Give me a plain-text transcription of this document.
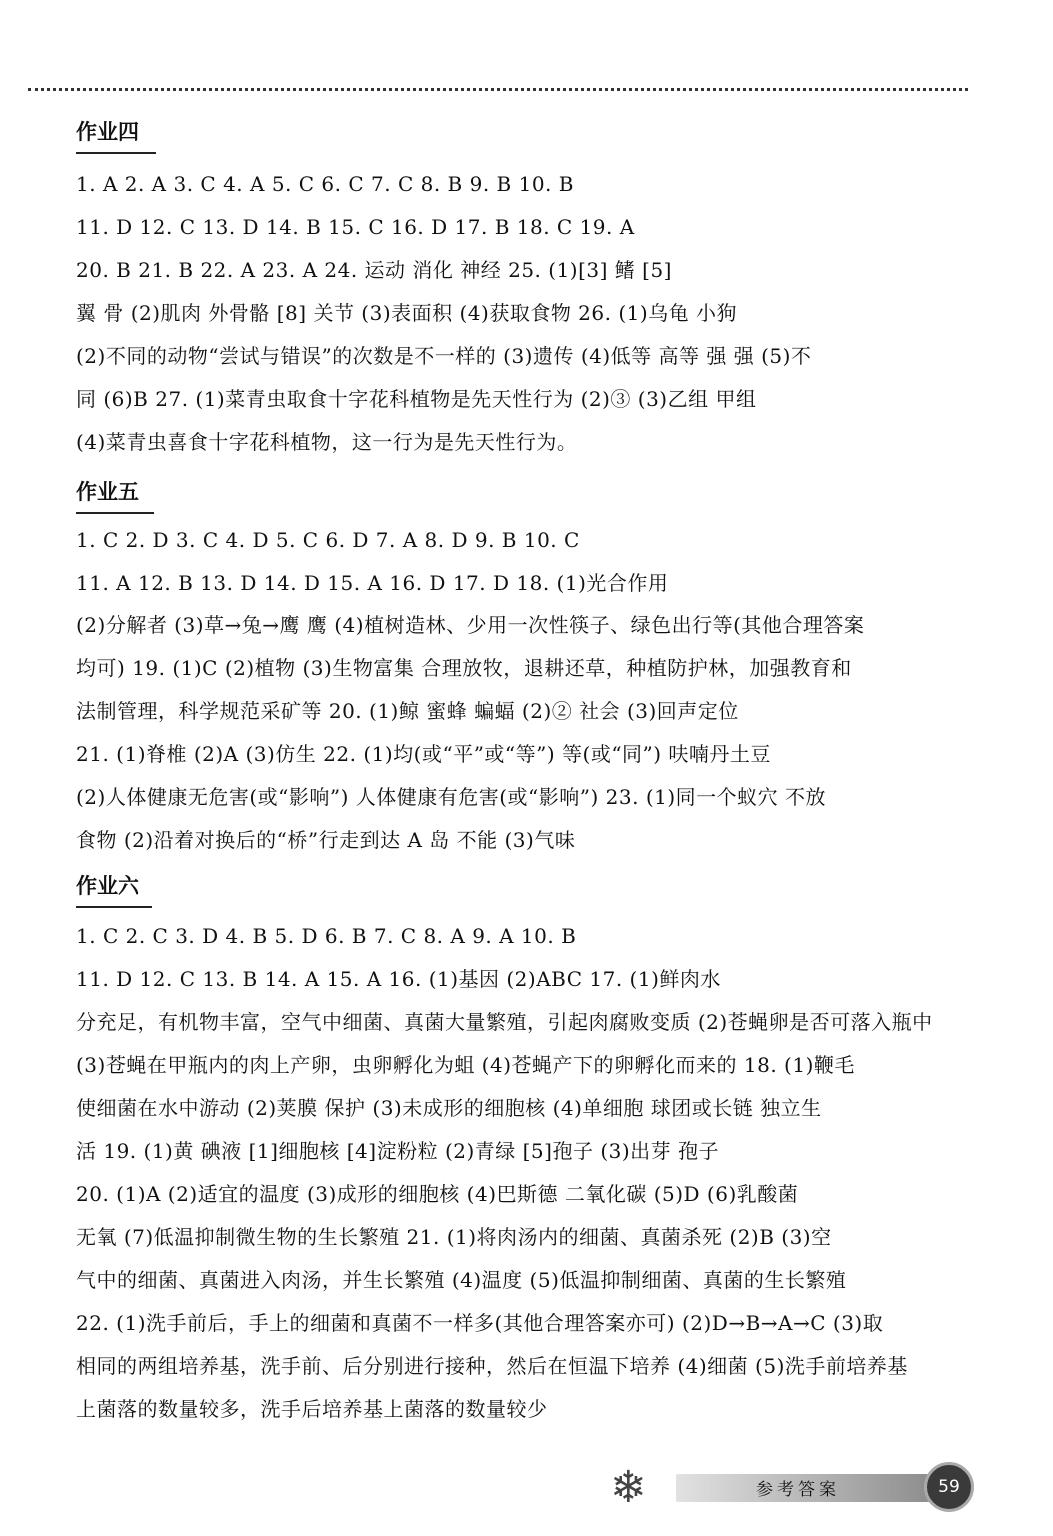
作业四
1. A 2. A 3. C 4. A 5. C 6. C 7. C 8. B 9. B 10. B
11. D 12. C 13. D 14. B 15. C 16. D 17. B 18. C 19. A
20. B 21. B 22. A 23. A 24. 运动 消化 神经 25. (1)[3] 鳍 [5]
翼 骨 (2)肌肉 外骨骼 [8] 关节 (3)表面积 (4)获取食物 26. (1)乌龟 小狗
(2)不同的动物“尝试与错误”的次数是不一样的 (3)遗传 (4)低等 高等 强 强 (5)不
同 (6)B 27. (1)菜青虫取食十字花科植物是先天性行为 (2)③ (3)乙组 甲组
(4)菜青虫喜食十字花科植物，这一行为是先天性行为。
作业五
1. C 2. D 3. C 4. D 5. C 6. D 7. A 8. D 9. B 10. C
11. A 12. B 13. D 14. D 15. A 16. D 17. D 18. (1)光合作用
(2)分解者 (3)草→兔→鹰 鹰 (4)植树造林、少用一次性筷子、绿色出行等(其他合理答案
均可) 19. (1)C (2)植物 (3)生物富集 合理放牧，退耕还草，种植防护林，加强教育和
法制管理，科学规范采矿等 20. (1)鲸 蜜蜂 蝙蝠 (2)② 社会 (3)回声定位
21. (1)脊椎 (2)A (3)仿生 22. (1)均(或“平”或“等”) 等(或“同”) 呋喃丹土豆
(2)人体健康无危害(或“影响”) 人体健康有危害(或“影响”) 23. (1)同一个蚁穴 不放
食物 (2)沿着对换后的“桥”行走到达 A 岛 不能 (3)气味
作业六
1. C 2. C 3. D 4. B 5. D 6. B 7. C 8. A 9. A 10. B
11. D 12. C 13. B 14. A 15. A 16. (1)基因 (2)ABC 17. (1)鲜肉水
分充足，有机物丰富，空气中细菌、真菌大量繁殖，引起肉腐败变质 (2)苍蝇卵是否可落入瓶中
(3)苍蝇在甲瓶内的肉上产卵，虫卵孵化为蛆 (4)苍蝇产下的卵孵化而来的 18. (1)鞭毛
使细菌在水中游动 (2)荚膜 保护 (3)未成形的细胞核 (4)单细胞 球团或长链 独立生
活 19. (1)黄 碘液 [1]细胞核 [4]淀粉粒 (2)青绿 [5]孢子 (3)出芽 孢子
20. (1)A (2)适宜的温度 (3)成形的细胞核 (4)巴斯德 二氧化碳 (5)D (6)乳酸菌
无氧 (7)低温抑制微生物的生长繁殖 21. (1)将肉汤内的细菌、真菌杀死 (2)B (3)空
气中的细菌、真菌进入肉汤，并生长繁殖 (4)温度 (5)低温抑制细菌、真菌的生长繁殖
22. (1)洗手前后，手上的细菌和真菌不一样多(其他合理答案亦可) (2)D→B→A→C (3)取
相同的两组培养基，洗手前、后分别进行接种，然后在恒温下培养 (4)细菌 (5)洗手前培养基
上菌落的数量较多，洗手后培养基上菌落的数量较少
❄	参考答案	59
